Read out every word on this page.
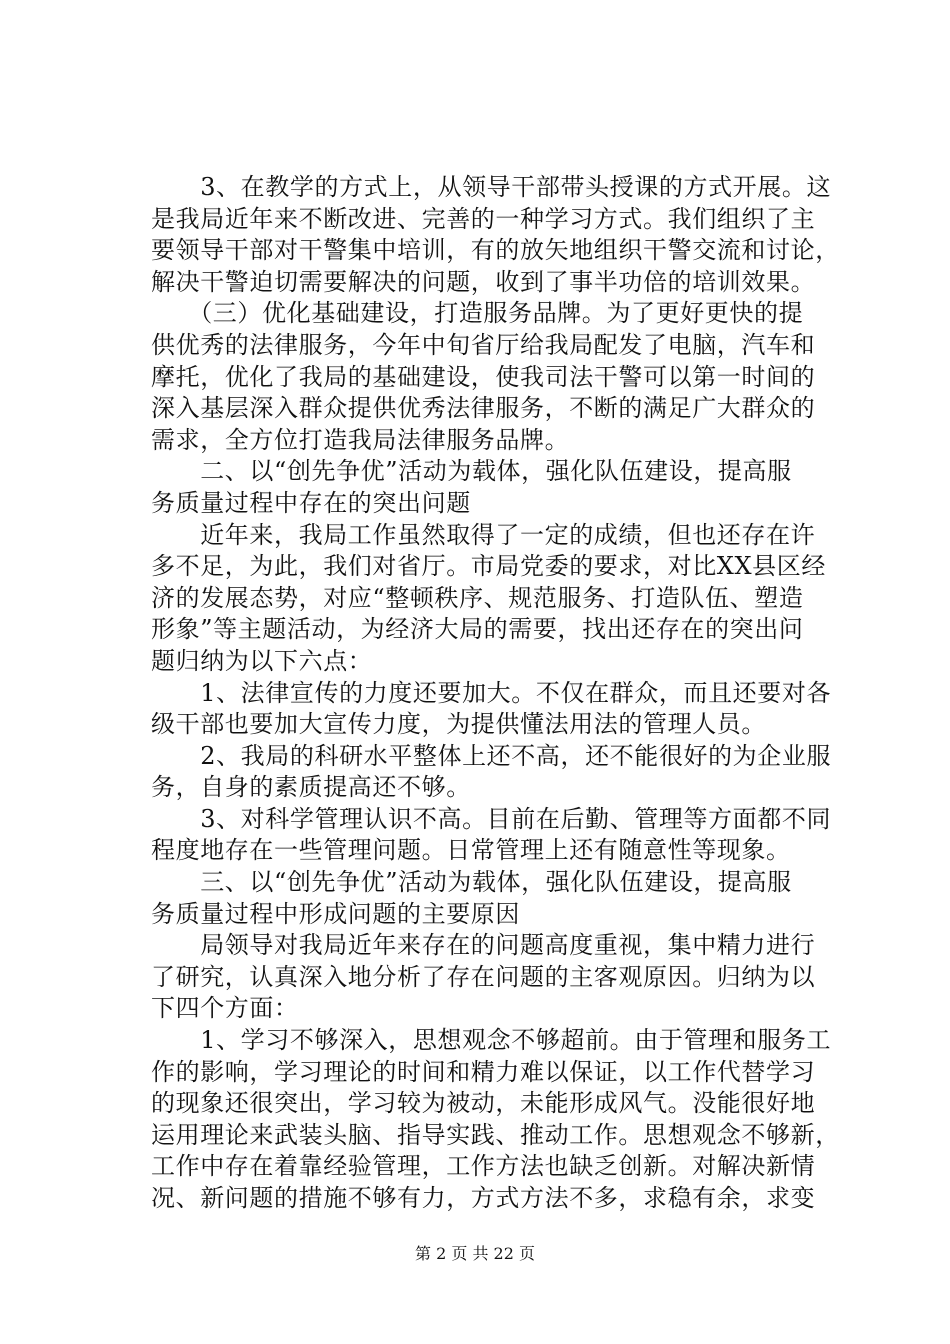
　　3、在教学的方式上，从领导干部带头授课的方式开展。这
是我局近年来不断改进、完善的一种学习方式。我们组织了主
要领导干部对干警集中培训，有的放矢地组织干警交流和讨论，
解决干警迫切需要解决的问题，收到了事半功倍的培训效果。
　　（三）优化基础建设，打造服务品牌。为了更好更快的提
供优秀的法律服务，今年中旬省厅给我局配发了电脑，汽车和
摩托，优化了我局的基础建设，使我司法干警可以第一时间的
深入基层深入群众提供优秀法律服务，不断的满足广大群众的
需求，全方位打造我局法律服务品牌。
　　二、以“创先争优”活动为载体，强化队伍建设，提高服
务质量过程中存在的突出问题
　　近年来，我局工作虽然取得了一定的成绩，但也还存在许
多不足，为此，我们对省厅。市局党委的要求，对比XX县区经
济的发展态势，对应“整顿秩序、规范服务、打造队伍、塑造
形象”等主题活动，为经济大局的需要，找出还存在的突出问
题归纳为以下六点：
　　1、法律宣传的力度还要加大。不仅在群众，而且还要对各
级干部也要加大宣传力度，为提供懂法用法的管理人员。
　　2、我局的科研水平整体上还不高，还不能很好的为企业服
务，自身的素质提高还不够。
　　3、对科学管理认识不高。目前在后勤、管理等方面都不同
程度地存在一些管理问题。日常管理上还有随意性等现象。
　　三、以“创先争优”活动为载体，强化队伍建设，提高服
务质量过程中形成问题的主要原因
　　局领导对我局近年来存在的问题高度重视，集中精力进行
了研究，认真深入地分析了存在问题的主客观原因。归纳为以
下四个方面：
　　1、学习不够深入，思想观念不够超前。由于管理和服务工
作的影响，学习理论的时间和精力难以保证，以工作代替学习
的现象还很突出，学习较为被动，未能形成风气。没能很好地
运用理论来武装头脑、指导实践、推动工作。思想观念不够新，
工作中存在着靠经验管理，工作方法也缺乏创新。对解决新情
况、新问题的措施不够有力，方式方法不多，求稳有余，求变
第 2 页 共 22 页
